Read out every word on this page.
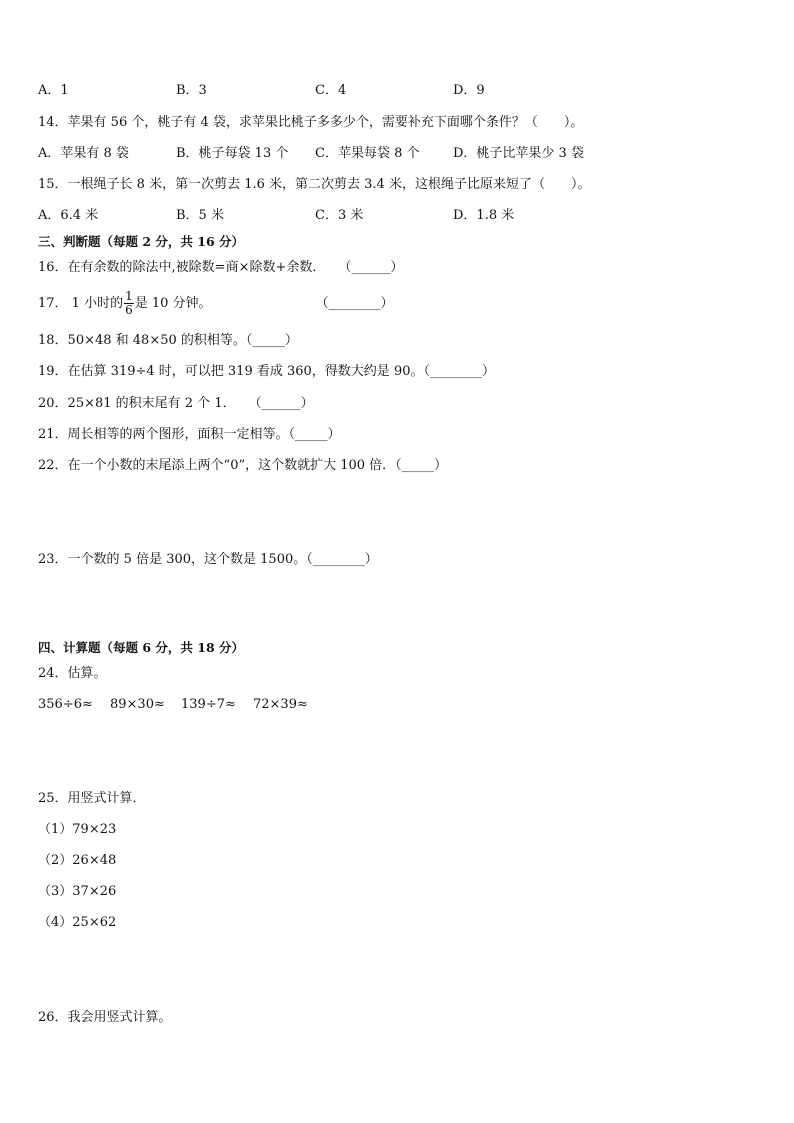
A．1	B．3	C．4	D．9
14．苹果有 56 个，桃子有 4 袋，求苹果比桃子多多少个，需要补充下面哪个条件？（　　）。
A．苹果有 8 袋	B．桃子每袋 13 个 C．苹果每袋 8 个	D．桃子比苹果少 3 袋
15．一根绳子长 8 米，第一次剪去 1.6 米，第二次剪去 3.4 米，这根绳子比原来短了（　　）。
A．6.4 米	B．5 米	C．3 米	D．1.8 米
三、判断题（每题 2 分，共 16 分）
16．在有余数的除法中,被除数=商×除数+余数．　　（______）
17． 1 小时的 $\frac{1}{6}$ 是 10 分钟。　　　　　　　　　（________）
18．50×48 和 48×50 的积相等。（_____）
19．在估算 319÷4 时，可以把 319 看成 360，得数大约是 90。（________）
20．25×81 的积末尾有 2 个 1．　　（______）
21．周长相等的两个图形，面积一定相等。（_____）
22．在一个小数的末尾添上两个“0”，这个数就扩大 100 倍．（_____）
23．一个数的 5 倍是 300，这个数是 1500。（________）
四、计算题（每题 6 分，共 18 分）
24．估算。
356÷6≈ 89×30≈ 139÷7≈ 72×39≈
25．用竖式计算．
（1）79×23
（2）26×48
（3）37×26
（4）25×62
26．我会用竖式计算。
